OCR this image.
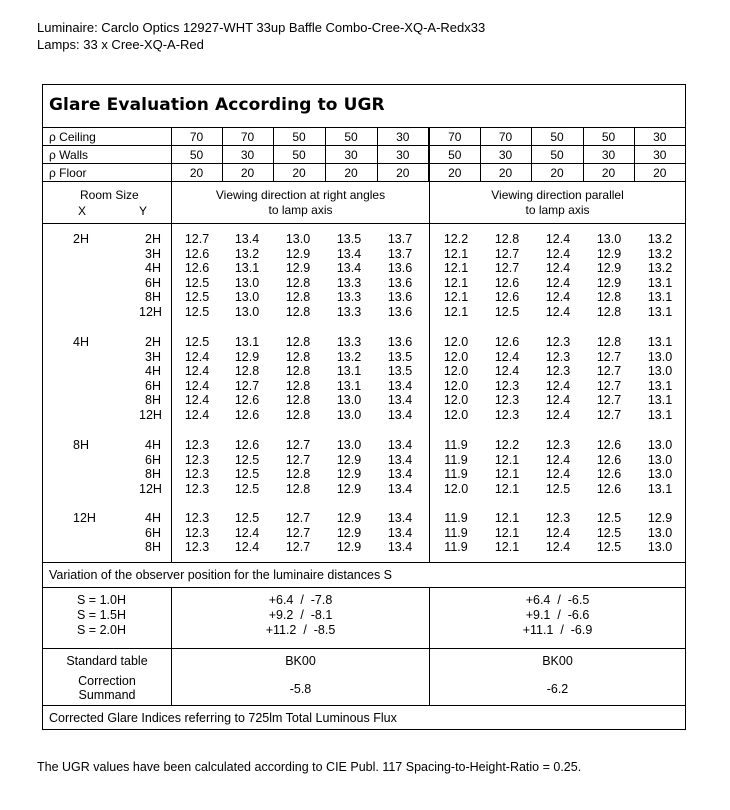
Luminaire: Carclo Optics 12927-WHT 33up Baffle Combo-Cree-XQ-A-Redx33
Lamps: 33 x Cree-XQ-A-Red
Glare Evaluation According to UGR
ρ Ceiling	70	70	50	50	30	70	70	50	50	30
ρ Walls	50	30	50	30	30	50	30	50	30	30
ρ Floor	20	20	20	20	20	20	20	20	20	20
Room Size
X	Y
Viewing direction at right angles
to lamp axis
Viewing direction parallel
to lamp axis
2H	2H	12.7	13.4	13.0	13.5	13.7	12.2	12.8	12.4	13.0	13.2
3H	12.6	13.2	12.9	13.4	13.7	12.1	12.7	12.4	12.9	13.2
4H	12.6	13.1	12.9	13.4	13.6	12.1	12.7	12.4	12.9	13.2
6H	12.5	13.0	12.8	13.3	13.6	12.1	12.6	12.4	12.9	13.1
8H	12.5	13.0	12.8	13.3	13.6	12.1	12.6	12.4	12.8	13.1
12H	12.5	13.0	12.8	13.3	13.6	12.1	12.5	12.4	12.8	13.1
4H	2H	12.5	13.1	12.8	13.3	13.6	12.0	12.6	12.3	12.8	13.1
3H	12.4	12.9	12.8	13.2	13.5	12.0	12.4	12.3	12.7	13.0
4H	12.4	12.8	12.8	13.1	13.5	12.0	12.4	12.3	12.7	13.0
6H	12.4	12.7	12.8	13.1	13.4	12.0	12.3	12.4	12.7	13.1
8H	12.4	12.6	12.8	13.0	13.4	12.0	12.3	12.4	12.7	13.1
12H	12.4	12.6	12.8	13.0	13.4	12.0	12.3	12.4	12.7	13.1
8H	4H	12.3	12.6	12.7	13.0	13.4	11.9	12.2	12.3	12.6	13.0
6H	12.3	12.5	12.7	12.9	13.4	11.9	12.1	12.4	12.6	13.0
8H	12.3	12.5	12.8	12.9	13.4	11.9	12.1	12.4	12.6	13.0
12H	12.3	12.5	12.8	12.9	13.4	12.0	12.1	12.5	12.6	13.1
12H	4H	12.3	12.5	12.7	12.9	13.4	11.9	12.1	12.3	12.5	12.9
6H	12.3	12.4	12.7	12.9	13.4	11.9	12.1	12.4	12.5	13.0
8H	12.3	12.4	12.7	12.9	13.4	11.9	12.1	12.4	12.5	13.0
Variation of the observer position for the luminaire distances S
S = 1.0H	+6.4  /  -7.8	+6.4  /  -6.5
S = 1.5H	+9.2  /  -8.1	+9.1  /  -6.6
S = 2.0H	+11.2  /  -8.5	+11.1  /  -6.9
Standard table	BK00	BK00
Correction
Summand	-5.8	-6.2
Corrected Glare Indices referring to 725lm Total Luminous Flux
The UGR values have been calculated according to CIE Publ. 117 Spacing-to-Height-Ratio = 0.25.
